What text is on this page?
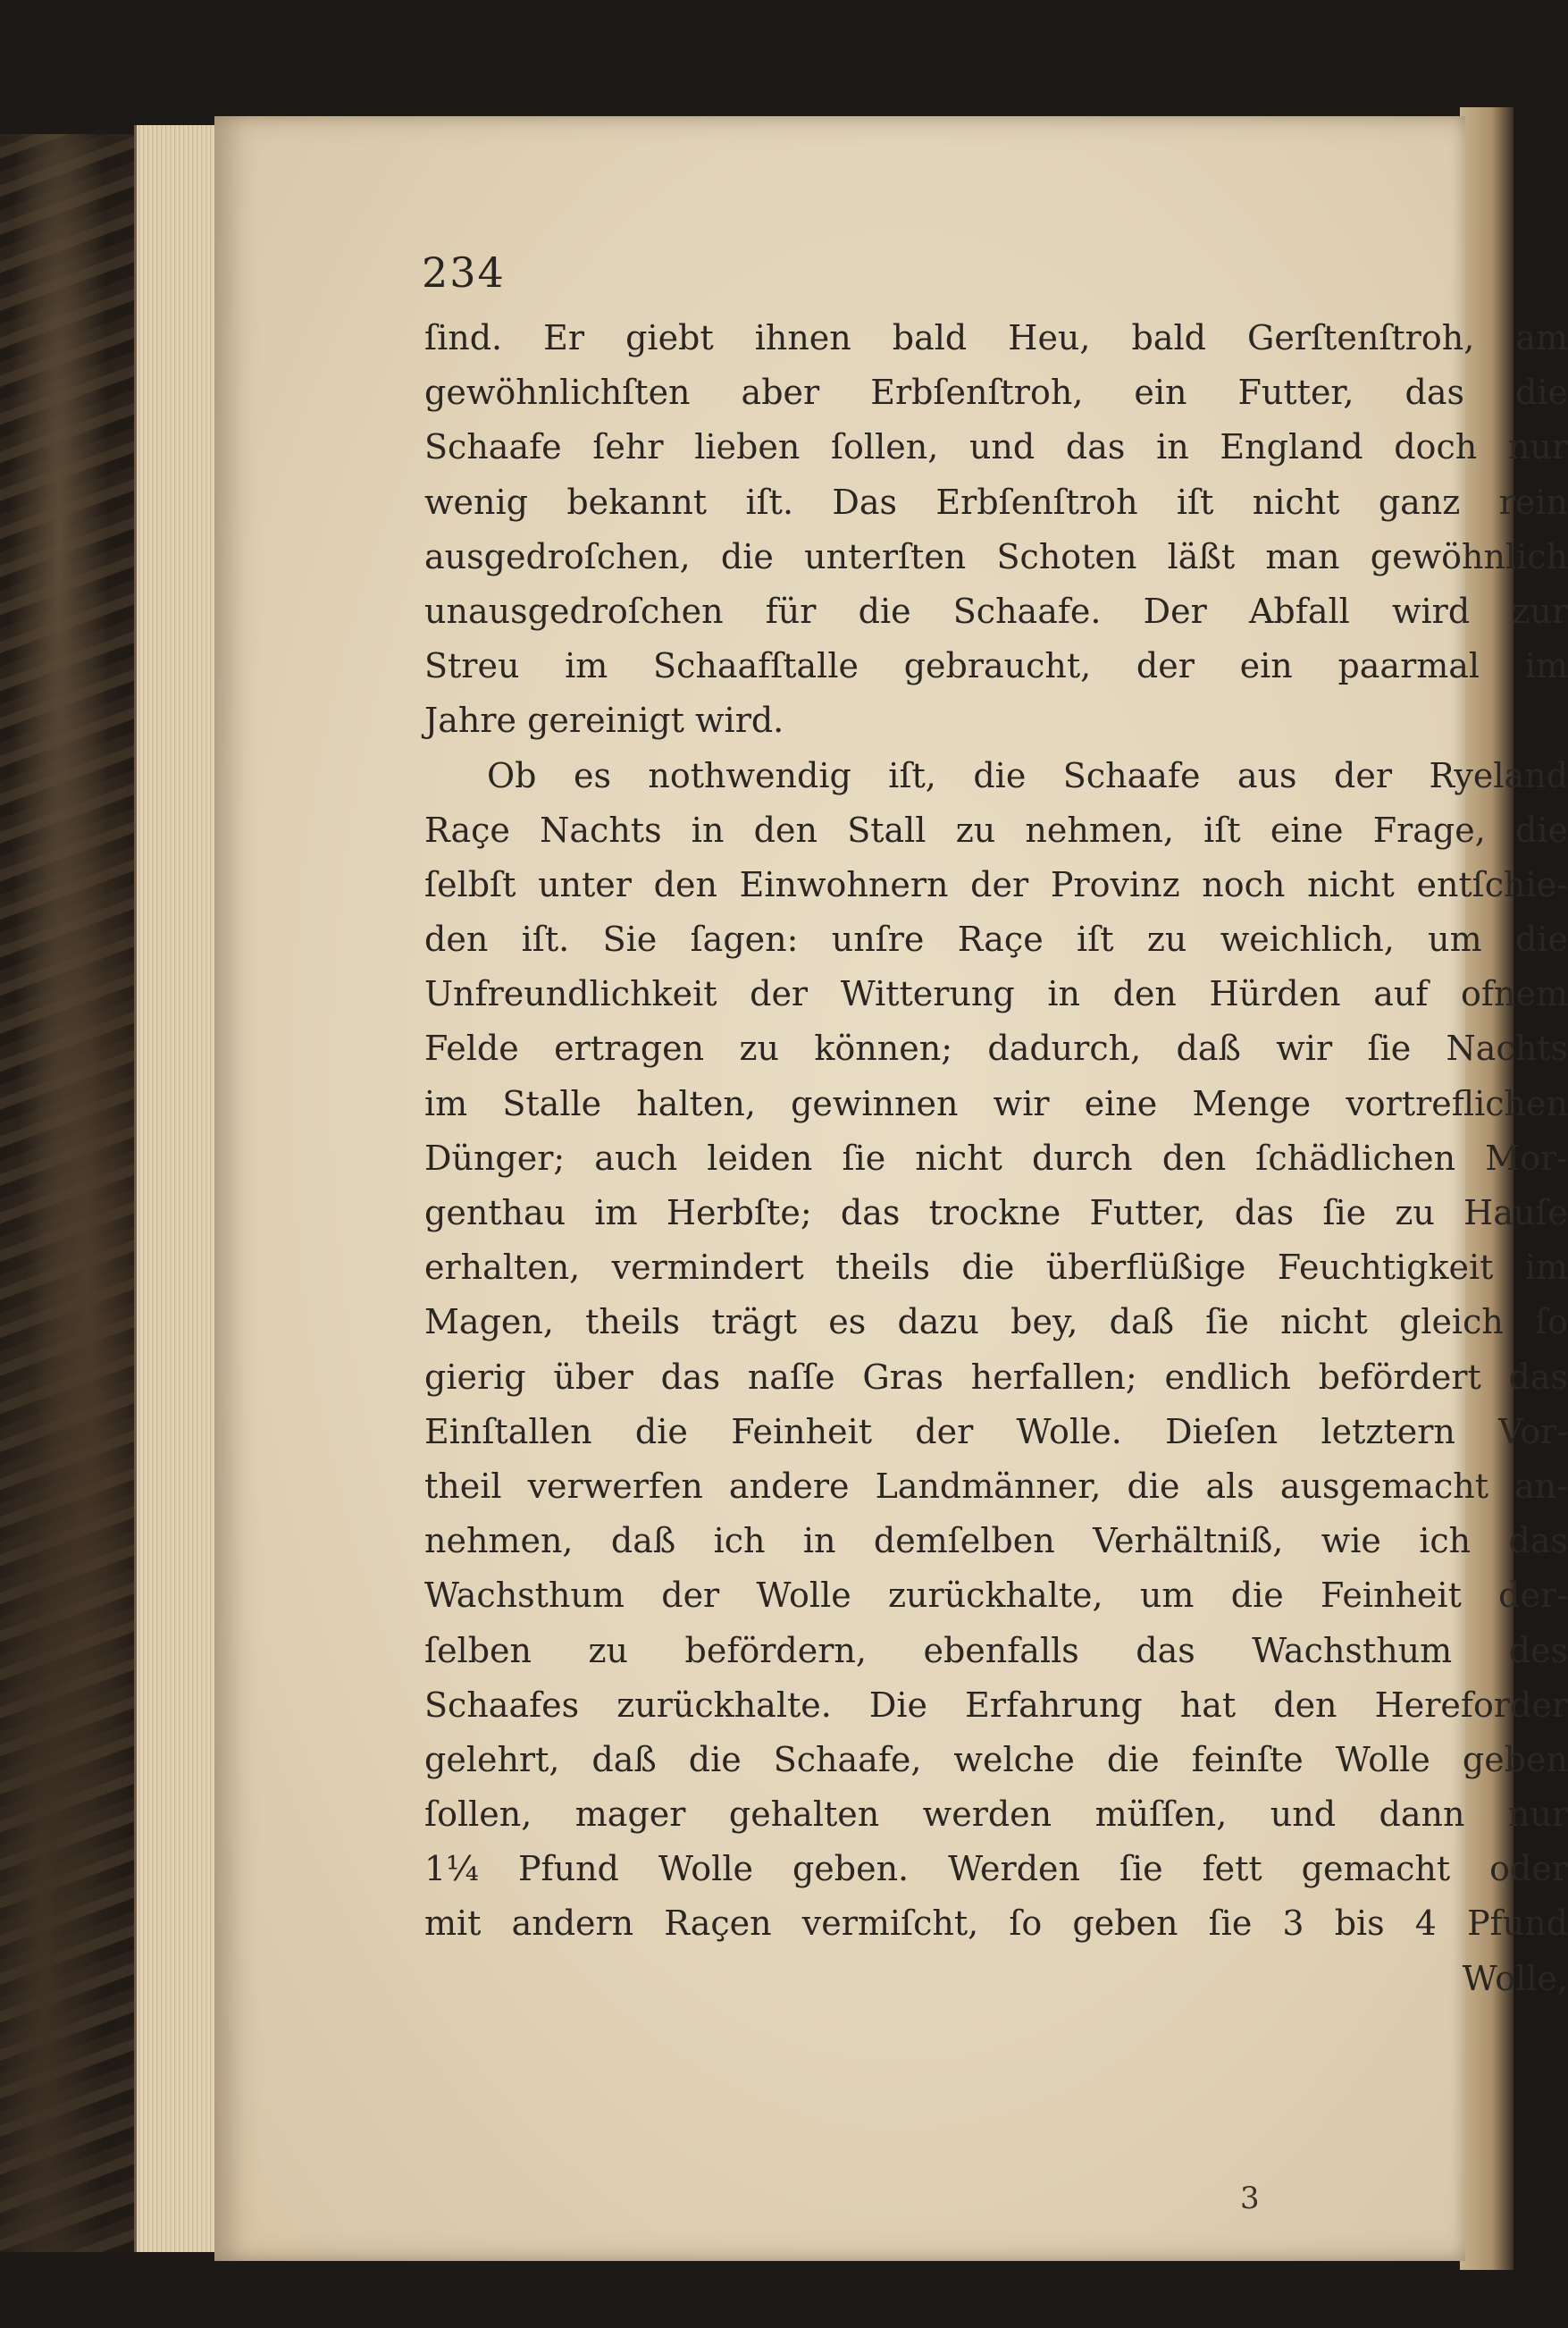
234
ſind. Er giebt ihnen bald Heu, bald Gerſtenſtroh, am
gewöhnlichſten aber Erbſenſtroh, ein Futter, das die
Schaafe ſehr lieben ſollen, und das in England doch nur
wenig bekannt iſt. Das Erbſenſtroh iſt nicht ganz rein
ausgedroſchen, die unterſten Schoten läßt man gewöhnlich
unausgedroſchen für die Schaafe. Der Abfall wird zur
Streu im Schaafſtalle gebraucht, der ein paarmal im
Jahre gereinigt wird.
Ob es nothwendig iſt, die Schaafe aus der Ryeland
Raçe Nachts in den Stall zu nehmen, iſt eine Frage, die
ſelbſt unter den Einwohnern der Provinz noch nicht entſchie-
den iſt. Sie ſagen: unſre Raçe iſt zu weichlich, um die
Unfreundlichkeit der Witterung in den Hürden auf ofnem
Felde ertragen zu können; dadurch, daß wir ſie Nachts
im Stalle halten, gewinnen wir eine Menge vortreflichen
Dünger; auch leiden ſie nicht durch den ſchädlichen Mor-
genthau im Herbſte; das trockne Futter, das ſie zu Hauſe
erhalten, vermindert theils die überflüßige Feuchtigkeit im
Magen, theils trägt es dazu bey, daß ſie nicht gleich ſo
gierig über das naſſe Gras herfallen; endlich befördert das
Einſtallen die Feinheit der Wolle. Dieſen letztern Vor-
theil verwerfen andere Landmänner, die als ausgemacht an-
nehmen, daß ich in demſelben Verhältniß, wie ich das
Wachsthum der Wolle zurückhalte, um die Feinheit der-
ſelben zu befördern, ebenfalls das Wachsthum des
Schaafes zurückhalte. Die Erfahrung hat den Hereforder
gelehrt, daß die Schaafe, welche die feinſte Wolle geben
ſollen, mager gehalten werden müſſen, und dann nur
1¼ Pfund Wolle geben. Werden ſie fett gemacht oder
mit andern Raçen vermiſcht, ſo geben ſie 3 bis 4 Pfund
Wolle,
3
